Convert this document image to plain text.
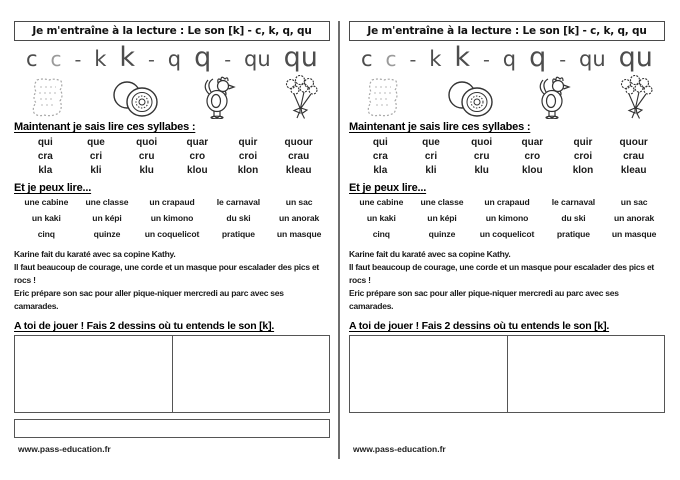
Je m'entraîne à la lecture : Le son [k] - c, k, q, qu
c c - k k - q q - qu qu
Maintenant je sais lire ces syllabes :
qui	que	quoi	quar	quir	quour
cra	cri	cru	cro	croi	crau
kla	kli	klu	klou	klon	kleau
Et je peux lire...
une cabine	une classe	un crapaud	le carnaval	un sac
un kaki	un képi	un kimono	du ski	un anorak
cinq	quinze	un coquelicot	pratique	un masque

Karine fait du karaté avec sa copine Kathy.

Il faut beaucoup de courage, une corde et un masque pour escalader des pics et rocs !

Eric prépare son sac pour aller pique-niquer mercredi au parc avec ses camarades.

A toi de jouer ! Fais 2 dessins où tu entends le son [k].
www.pass-education.fr
Je m'entraîne à la lecture : Le son [k] - c, k, q, qu
c c - k k - q q - qu qu
Maintenant je sais lire ces syllabes :
qui	que	quoi	quar	quir	quour
cra	cri	cru	cro	croi	crau
kla	kli	klu	klou	klon	kleau
Et je peux lire...
une cabine	une classe	un crapaud	le carnaval	un sac
un kaki	un képi	un kimono	du ski	un anorak
cinq	quinze	un coquelicot	pratique	un masque

Karine fait du karaté avec sa copine Kathy.

Il faut beaucoup de courage, une corde et un masque pour escalader des pics et rocs !

Eric prépare son sac pour aller pique-niquer mercredi au parc avec ses camarades.

A toi de jouer ! Fais 2 dessins où tu entends le son [k].
www.pass-education.fr
